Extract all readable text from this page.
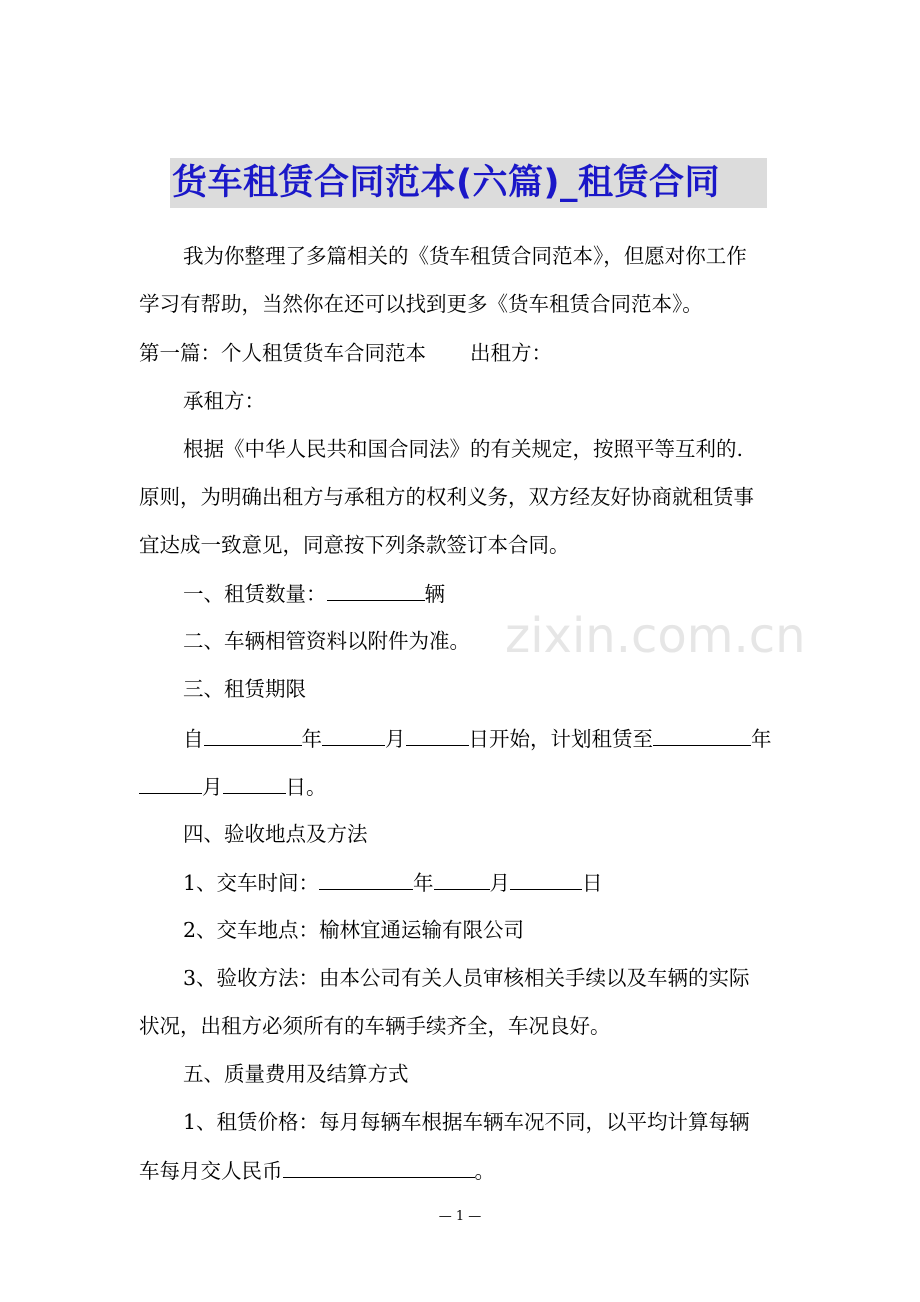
货车租赁合同范本(六篇)_租赁合同
我为你整理了多篇相关的《货车租赁合同范本》，但愿对你工作
学习有帮助，当然你在还可以找到更多《货车租赁合同范本》。
第一篇：个人租赁货车合同范本 出租方：
承租方：
根据《中华人民共和国合同法》的有关规定，按照平等互利的.
原则，为明确出租方与承租方的权利义务，双方经友好协商就租赁事
宜达成一致意见，同意按下列条款签订本合同。
一、租赁数量：	辆
二、车辆相管资料以附件为准。
三、租赁期限
自	年	月	日开始，计划租赁至	年
月	日。
四、验收地点及方法
1、交车时间：	年	月	日
2、交车地点：榆林宜通运输有限公司
3、验收方法：由本公司有关人员审核相关手续以及车辆的实际
状况，出租方必须所有的车辆手续齐全，车况良好。
五、质量费用及结算方式
1、租赁价格：每月每辆车根据车辆车况不同，以平均计算每辆
车每月交人民币	。
zixin.com.cn
— 1 —
